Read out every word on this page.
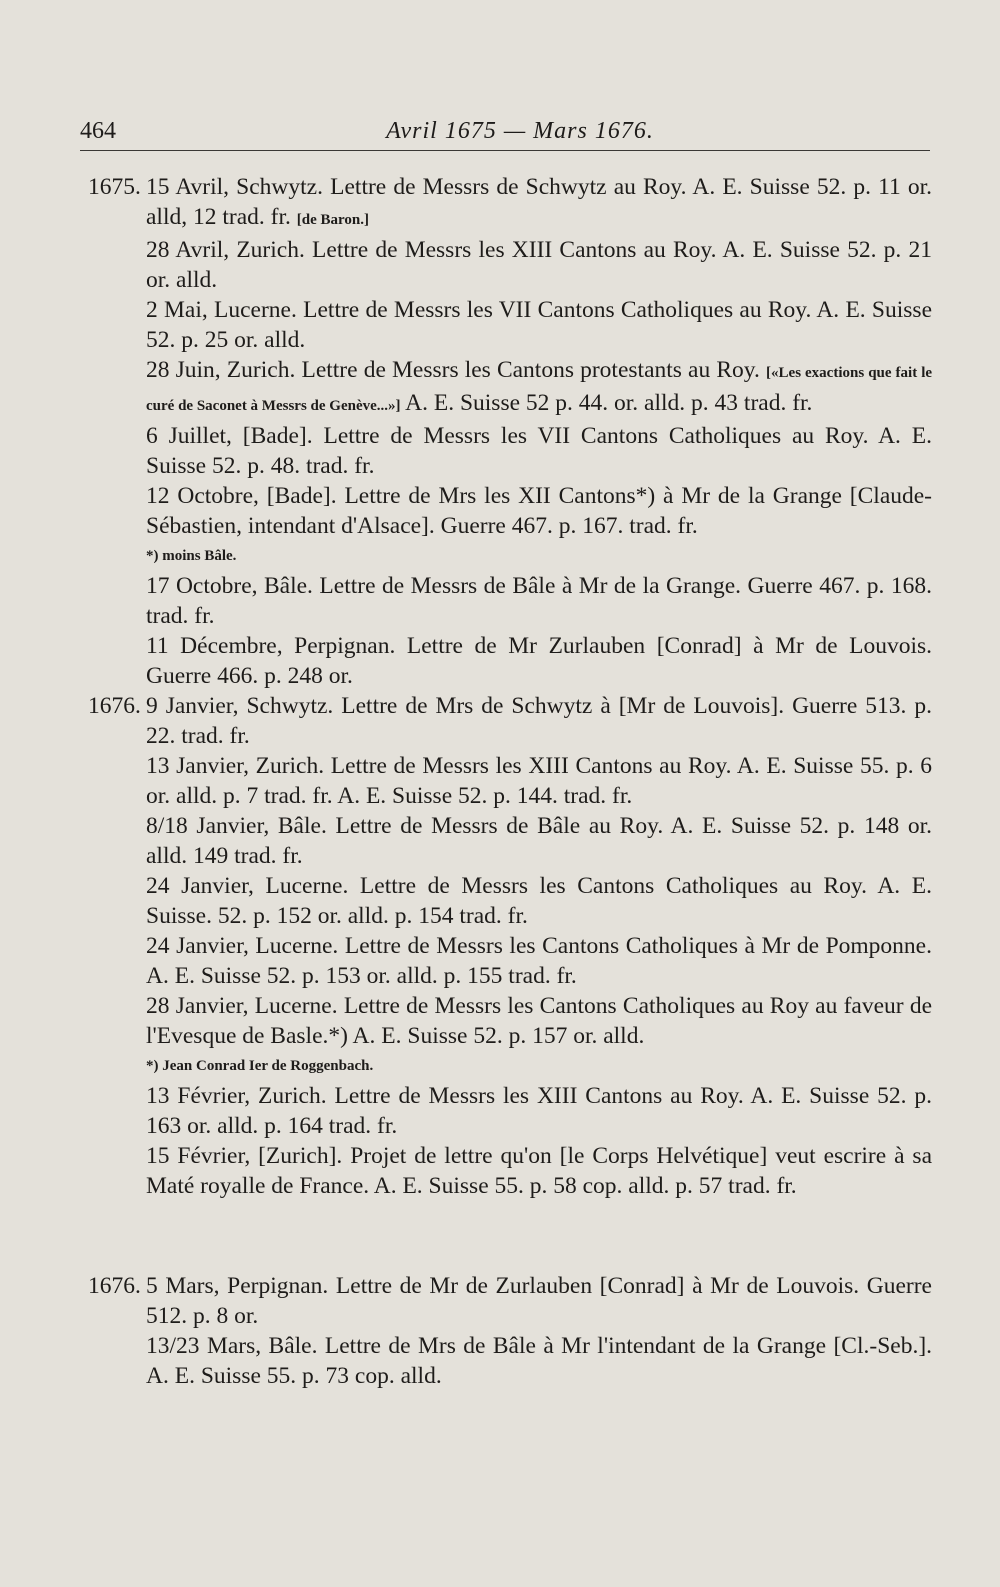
464	Avril 1675 — Mars 1676.
1675. 15 Avril, Schwytz. Lettre de Messrs de Schwytz au Roy. A. E. Suisse 52. p. 11 or. alld, 12 trad. fr. [de Baron.]
28 Avril, Zurich. Lettre de Messrs les XIII Cantons au Roy. A. E. Suisse 52. p. 21 or. alld.
2 Mai, Lucerne. Lettre de Messrs les VII Cantons Catholiques au Roy. A. E. Suisse 52. p. 25 or. alld.
28 Juin, Zurich. Lettre de Messrs les Cantons protestants au Roy. [«Les exactions que fait le curé de Saconet à Messrs de Genève...»] A. E. Suisse 52 p. 44. or. alld. p. 43 trad. fr.
6 Juillet, [Bade]. Lettre de Messrs les VII Cantons Catholiques au Roy. A. E. Suisse 52. p. 48. trad. fr.
12 Octobre, [Bade]. Lettre de Mrs les XII Cantons*) à Mr de la Grange [Claude-Sébastien, intendant d'Alsace]. Guerre 467. p. 167. trad. fr.
*) moins Bâle.
17 Octobre, Bâle. Lettre de Messrs de Bâle à Mr de la Grange. Guerre 467. p. 168. trad. fr.
11 Décembre, Perpignan. Lettre de Mr Zurlauben [Conrad] à Mr de Louvois. Guerre 466. p. 248 or.
1676. 9 Janvier, Schwytz. Lettre de Mrs de Schwytz à [Mr de Louvois]. Guerre 513. p. 22. trad. fr.
13 Janvier, Zurich. Lettre de Messrs les XIII Cantons au Roy. A. E. Suisse 55. p. 6 or. alld. p. 7 trad. fr. A. E. Suisse 52. p. 144. trad. fr.
8/18 Janvier, Bâle. Lettre de Messrs de Bâle au Roy. A. E. Suisse 52. p. 148 or. alld. 149 trad. fr.
24 Janvier, Lucerne. Lettre de Messrs les Cantons Catholiques au Roy. A. E. Suisse. 52. p. 152 or. alld. p. 154 trad. fr.
24 Janvier, Lucerne. Lettre de Messrs les Cantons Catholiques à Mr de Pomponne. A. E. Suisse 52. p. 153 or. alld. p. 155 trad. fr.
28 Janvier, Lucerne. Lettre de Messrs les Cantons Catholiques au Roy au faveur de l'Evesque de Basle.*) A. E. Suisse 52. p. 157 or. alld.
*) Jean Conrad Ier de Roggenbach.
13 Février, Zurich. Lettre de Messrs les XIII Cantons au Roy. A. E. Suisse 52. p. 163 or. alld. p. 164 trad. fr.
15 Février, [Zurich]. Projet de lettre qu'on [le Corps Helvétique] veut escrire à sa Maté royalle de France. A. E. Suisse 55. p. 58 cop. alld. p. 57 trad. fr.
1676. 5 Mars, Perpignan. Lettre de Mr de Zurlauben [Conrad] à Mr de Louvois. Guerre 512. p. 8 or.
13/23 Mars, Bâle. Lettre de Mrs de Bâle à Mr l'intendant de la Grange [Cl.-Seb.]. A. E. Suisse 55. p. 73 cop. alld.
